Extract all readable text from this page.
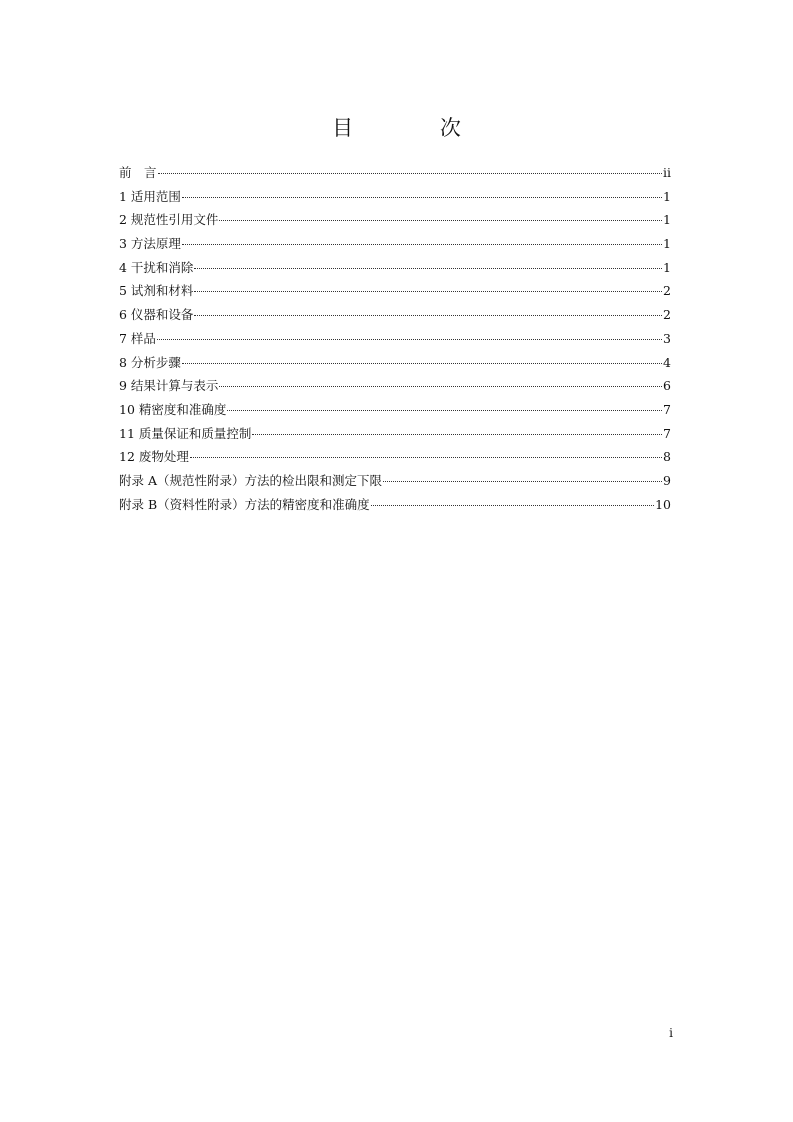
目 次
前　言	ii
1 适用范围	1
2 规范性引用文件	1
3 方法原理	1
4 干扰和消除	1
5 试剂和材料	2
6 仪器和设备	2
7 样品	3
8 分析步骤	4
9 结果计算与表示	6
10 精密度和准确度	7
11 质量保证和质量控制	7
12 废物处理	8
附录 A（规范性附录）方法的检出限和测定下限	9
附录 B（资料性附录）方法的精密度和准确度	10
i
